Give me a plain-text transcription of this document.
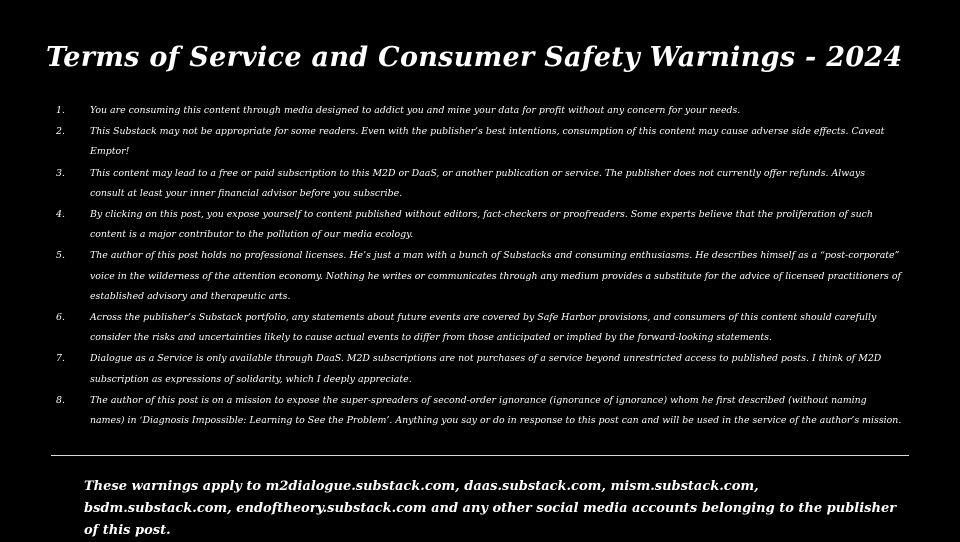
Terms of Service and Consumer Safety Warnings - 2024
1.	You are consuming this content through media designed to addict you and mine your data for profit without any concern for your needs.
2.	This Substack may not be appropriate for some readers. Even with the publisher’s best intentions, consumption of this content may cause adverse side effects. Caveat Emptor!
3.	This content may lead to a free or paid subscription to this M2D or DaaS, or another publication or service. The publisher does not currently offer refunds. Always consult at least your inner financial advisor before you subscribe.
4.	By clicking on this post, you expose yourself to content published without editors, fact-checkers or proofreaders. Some experts believe that the proliferation of such content is a major contributor to the pollution of our media ecology.
5.	The author of this post holds no professional licenses. He’s just a man with a bunch of Substacks and consuming enthusiasms. He describes himself as a “post-corporate” voice in the wilderness of the attention economy. Nothing he writes or communicates through any medium provides a substitute for the advice of licensed practitioners of established advisory and therapeutic arts.
6.	Across the publisher’s Substack portfolio, any statements about future events are covered by Safe Harbor provisions, and consumers of this content should carefully consider the risks and uncertainties likely to cause actual events to differ from those anticipated or implied by the forward-looking statements.
7.	Dialogue as a Service is only available through DaaS. M2D subscriptions are not purchases of a service beyond unrestricted access to published posts. I think of M2D subscription as expressions of solidarity, which I deeply appreciate.
8.	The author of this post is on a mission to expose the super-spreaders of second-order ignorance (ignorance of ignorance) whom he first described (without naming names) in ‘Diagnosis Impossible: Learning to See the Problem’. Anything you say or do in response to this post can and will be used in the service of the author’s mission.

These warnings apply to m2dialogue.substack.com, daas.substack.com, mism.substack.com, bsdm.substack.com, endoftheory.substack.com and any other social media accounts belonging to the publisher of this post.
